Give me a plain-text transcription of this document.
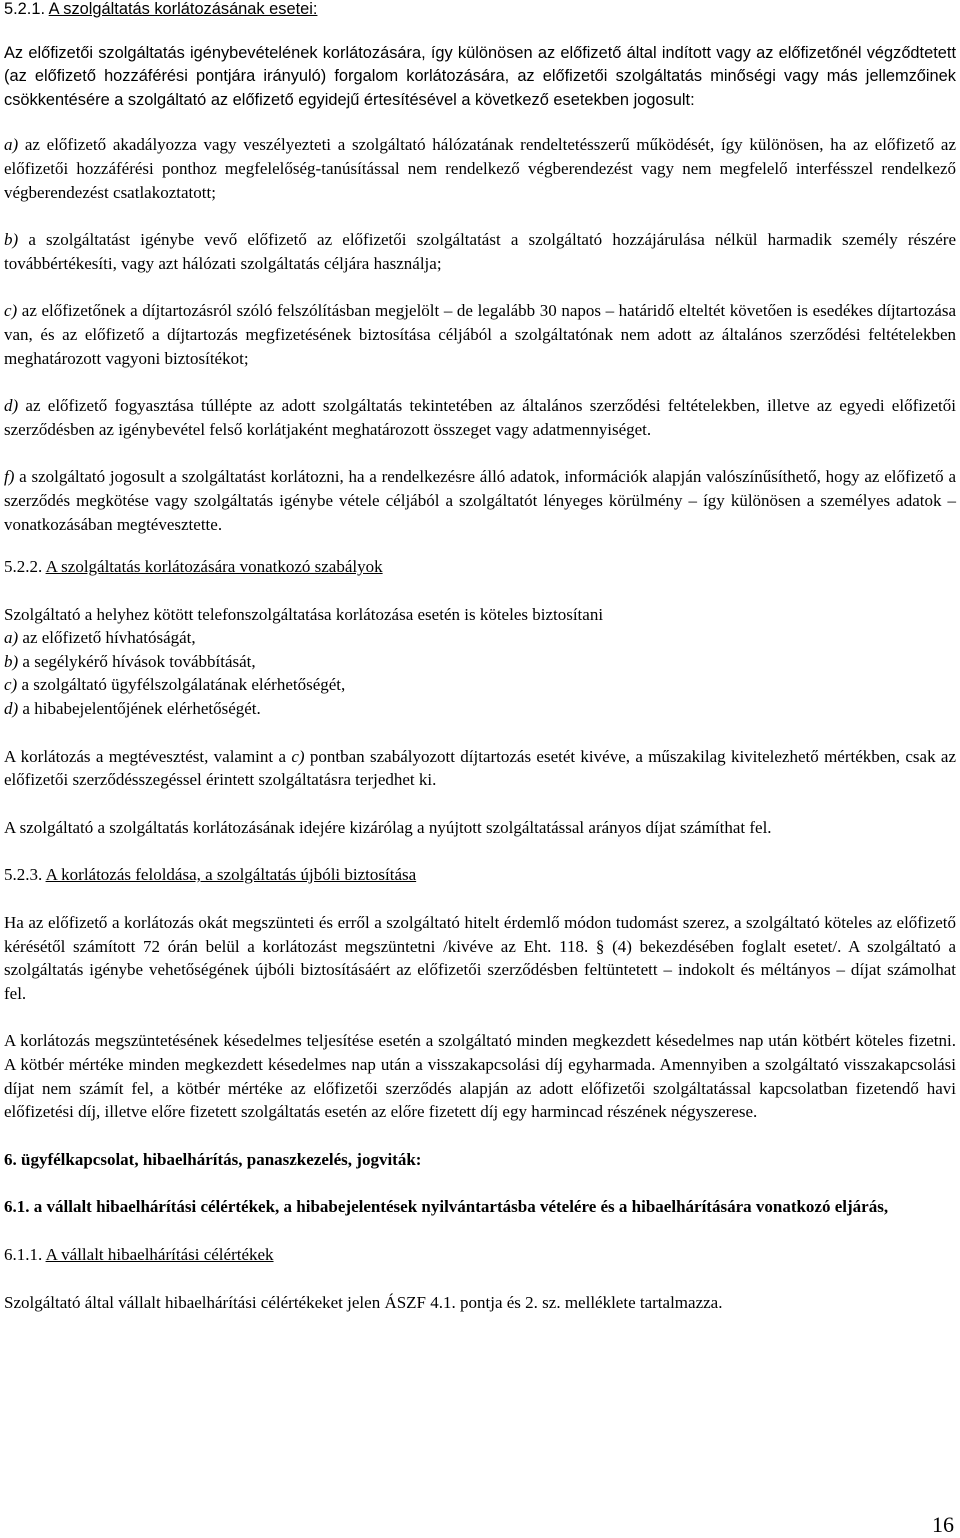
5.2.1. A szolgáltatás korlátozásának esetei:

Az előfizetői szolgáltatás igénybevételének korlátozására, így különösen az előfizető által indított vagy az előfizetőnél végződtetett (az előfizető hozzáférési pontjára irányuló) forgalom korlátozására, az előfizetői szolgáltatás minőségi vagy más jellemzőinek csökkentésére a szolgáltató az előfizető egyidejű értesítésével a következő esetekben jogosult:

a) az előfizető akadályozza vagy veszélyezteti a szolgáltató hálózatának rendeltetésszerű működését, így különösen, ha az előfizető az előfizetői hozzáférési ponthoz megfelelőség-tanúsítással nem rendelkező végberendezést vagy nem megfelelő interfésszel rendelkező végberendezést csatlakoztatott;

b) a szolgáltatást igénybe vevő előfizető az előfizetői szolgáltatást a szolgáltató hozzájárulása nélkül harmadik személy részére továbbértékesíti, vagy azt hálózati szolgáltatás céljára használja;

c) az előfizetőnek a díjtartozásról szóló felszólításban megjelölt – de legalább 30 napos – határidő elteltét követően is esedékes díjtartozása van, és az előfizető a díjtartozás megfizetésének biztosítása céljából a szolgáltatónak nem adott az általános szerződési feltételekben meghatározott vagyoni biztosítékot;

d) az előfizető fogyasztása túllépte az adott szolgáltatás tekintetében az általános szerződési feltételekben, illetve az egyedi előfizetői szerződésben az igénybevétel felső korlátjaként meghatározott összeget vagy adatmennyiséget.

f) a szolgáltató jogosult a szolgáltatást korlátozni, ha a rendelkezésre álló adatok, információk alapján valószínűsíthető, hogy az előfizető a szerződés megkötése vagy szolgáltatás igénybe vétele céljából a szolgáltatót lényeges körülmény – így különösen a személyes adatok – vonatkozásában megtévesztette.

5.2.2. A szolgáltatás korlátozására vonatkozó szabályok

Szolgáltató a helyhez kötött telefonszolgáltatása korlátozása esetén is köteles biztosítani

a) az előfizető hívhatóságát,

b) a segélykérő hívások továbbítását,

c) a szolgáltató ügyfélszolgálatának elérhetőségét,

d) a hibabejelentőjének elérhetőségét.

A korlátozás a megtévesztést, valamint a c) pontban szabályozott díjtartozás esetét kivéve, a műszakilag kivitelezhető mértékben, csak az előfizetői szerződésszegéssel érintett szolgáltatásra terjedhet ki.

A szolgáltató a szolgáltatás korlátozásának idejére kizárólag a nyújtott szolgáltatással arányos díjat számíthat fel.

5.2.3. A korlátozás feloldása, a szolgáltatás újbóli biztosítása

Ha az előfizető a korlátozás okát megszünteti és erről a szolgáltató hitelt érdemlő módon tudomást szerez, a szolgáltató köteles az előfizető kérésétől számított 72 órán belül a korlátozást megszüntetni /kivéve az Eht. 118. § (4) bekezdésében foglalt esetet/. A szolgáltató a szolgáltatás igénybe vehetőségének újbóli biztosításáért az előfizetői szerződésben feltüntetett – indokolt és méltányos – díjat számolhat fel.

A korlátozás megszüntetésének késedelmes teljesítése esetén a szolgáltató minden megkezdett késedelmes nap után kötbért köteles fizetni. A kötbér mértéke minden megkezdett késedelmes nap után a visszakapcsolási díj egyharmada. Amennyiben a szolgáltató visszakapcsolási díjat nem számít fel, a kötbér mértéke az előfizetői szerződés alapján az adott előfizetői szolgáltatással kapcsolatban fizetendő havi előfizetési díj, illetve előre fizetett szolgáltatás esetén az előre fizetett díj egy harmincad részének négyszerese.

6. ügyfélkapcsolat, hibaelhárítás, panaszkezelés, jogviták:

6.1. a vállalt hibaelhárítási célértékek, a hibabejelentések nyilvántartásba vételére és a hibaelhárítására vonatkozó eljárás,

6.1.1. A vállalt hibaelhárítási célértékek

Szolgáltató által vállalt hibaelhárítási célértékeket jelen ÁSZF 4.1. pontja és 2. sz. melléklete tartalmazza.

16
